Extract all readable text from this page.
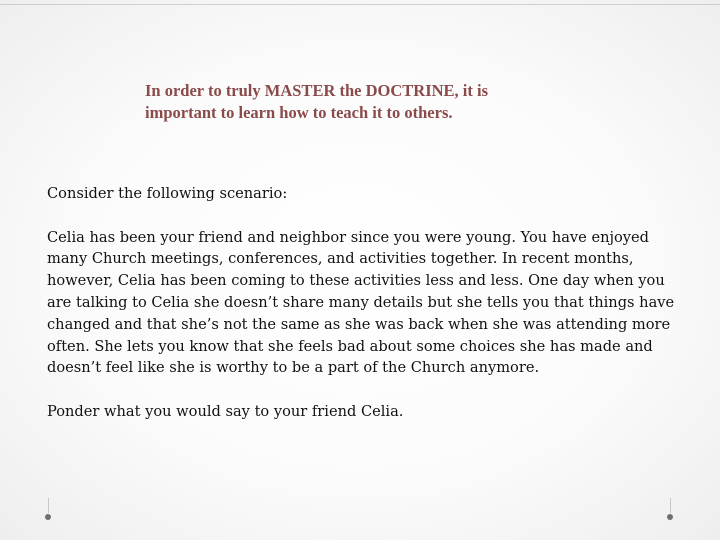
In order to truly MASTER the DOCTRINE, it is
important to learn how to teach it to others.

Consider the following scenario:

Celia has been your friend and neighbor since you were young. You have enjoyed many Church meetings, conferences, and activities together. In recent months, however, Celia has been coming to these activities less and less. One day when you are talking to Celia she doesn’t share many details but she tells you that things have changed and that she’s not the same as she was back when she was attending more often. She lets you know that she feels bad about some choices she has made and doesn’t feel like she is worthy to be a part of the Church anymore.

Ponder what you would say to your friend Celia.
